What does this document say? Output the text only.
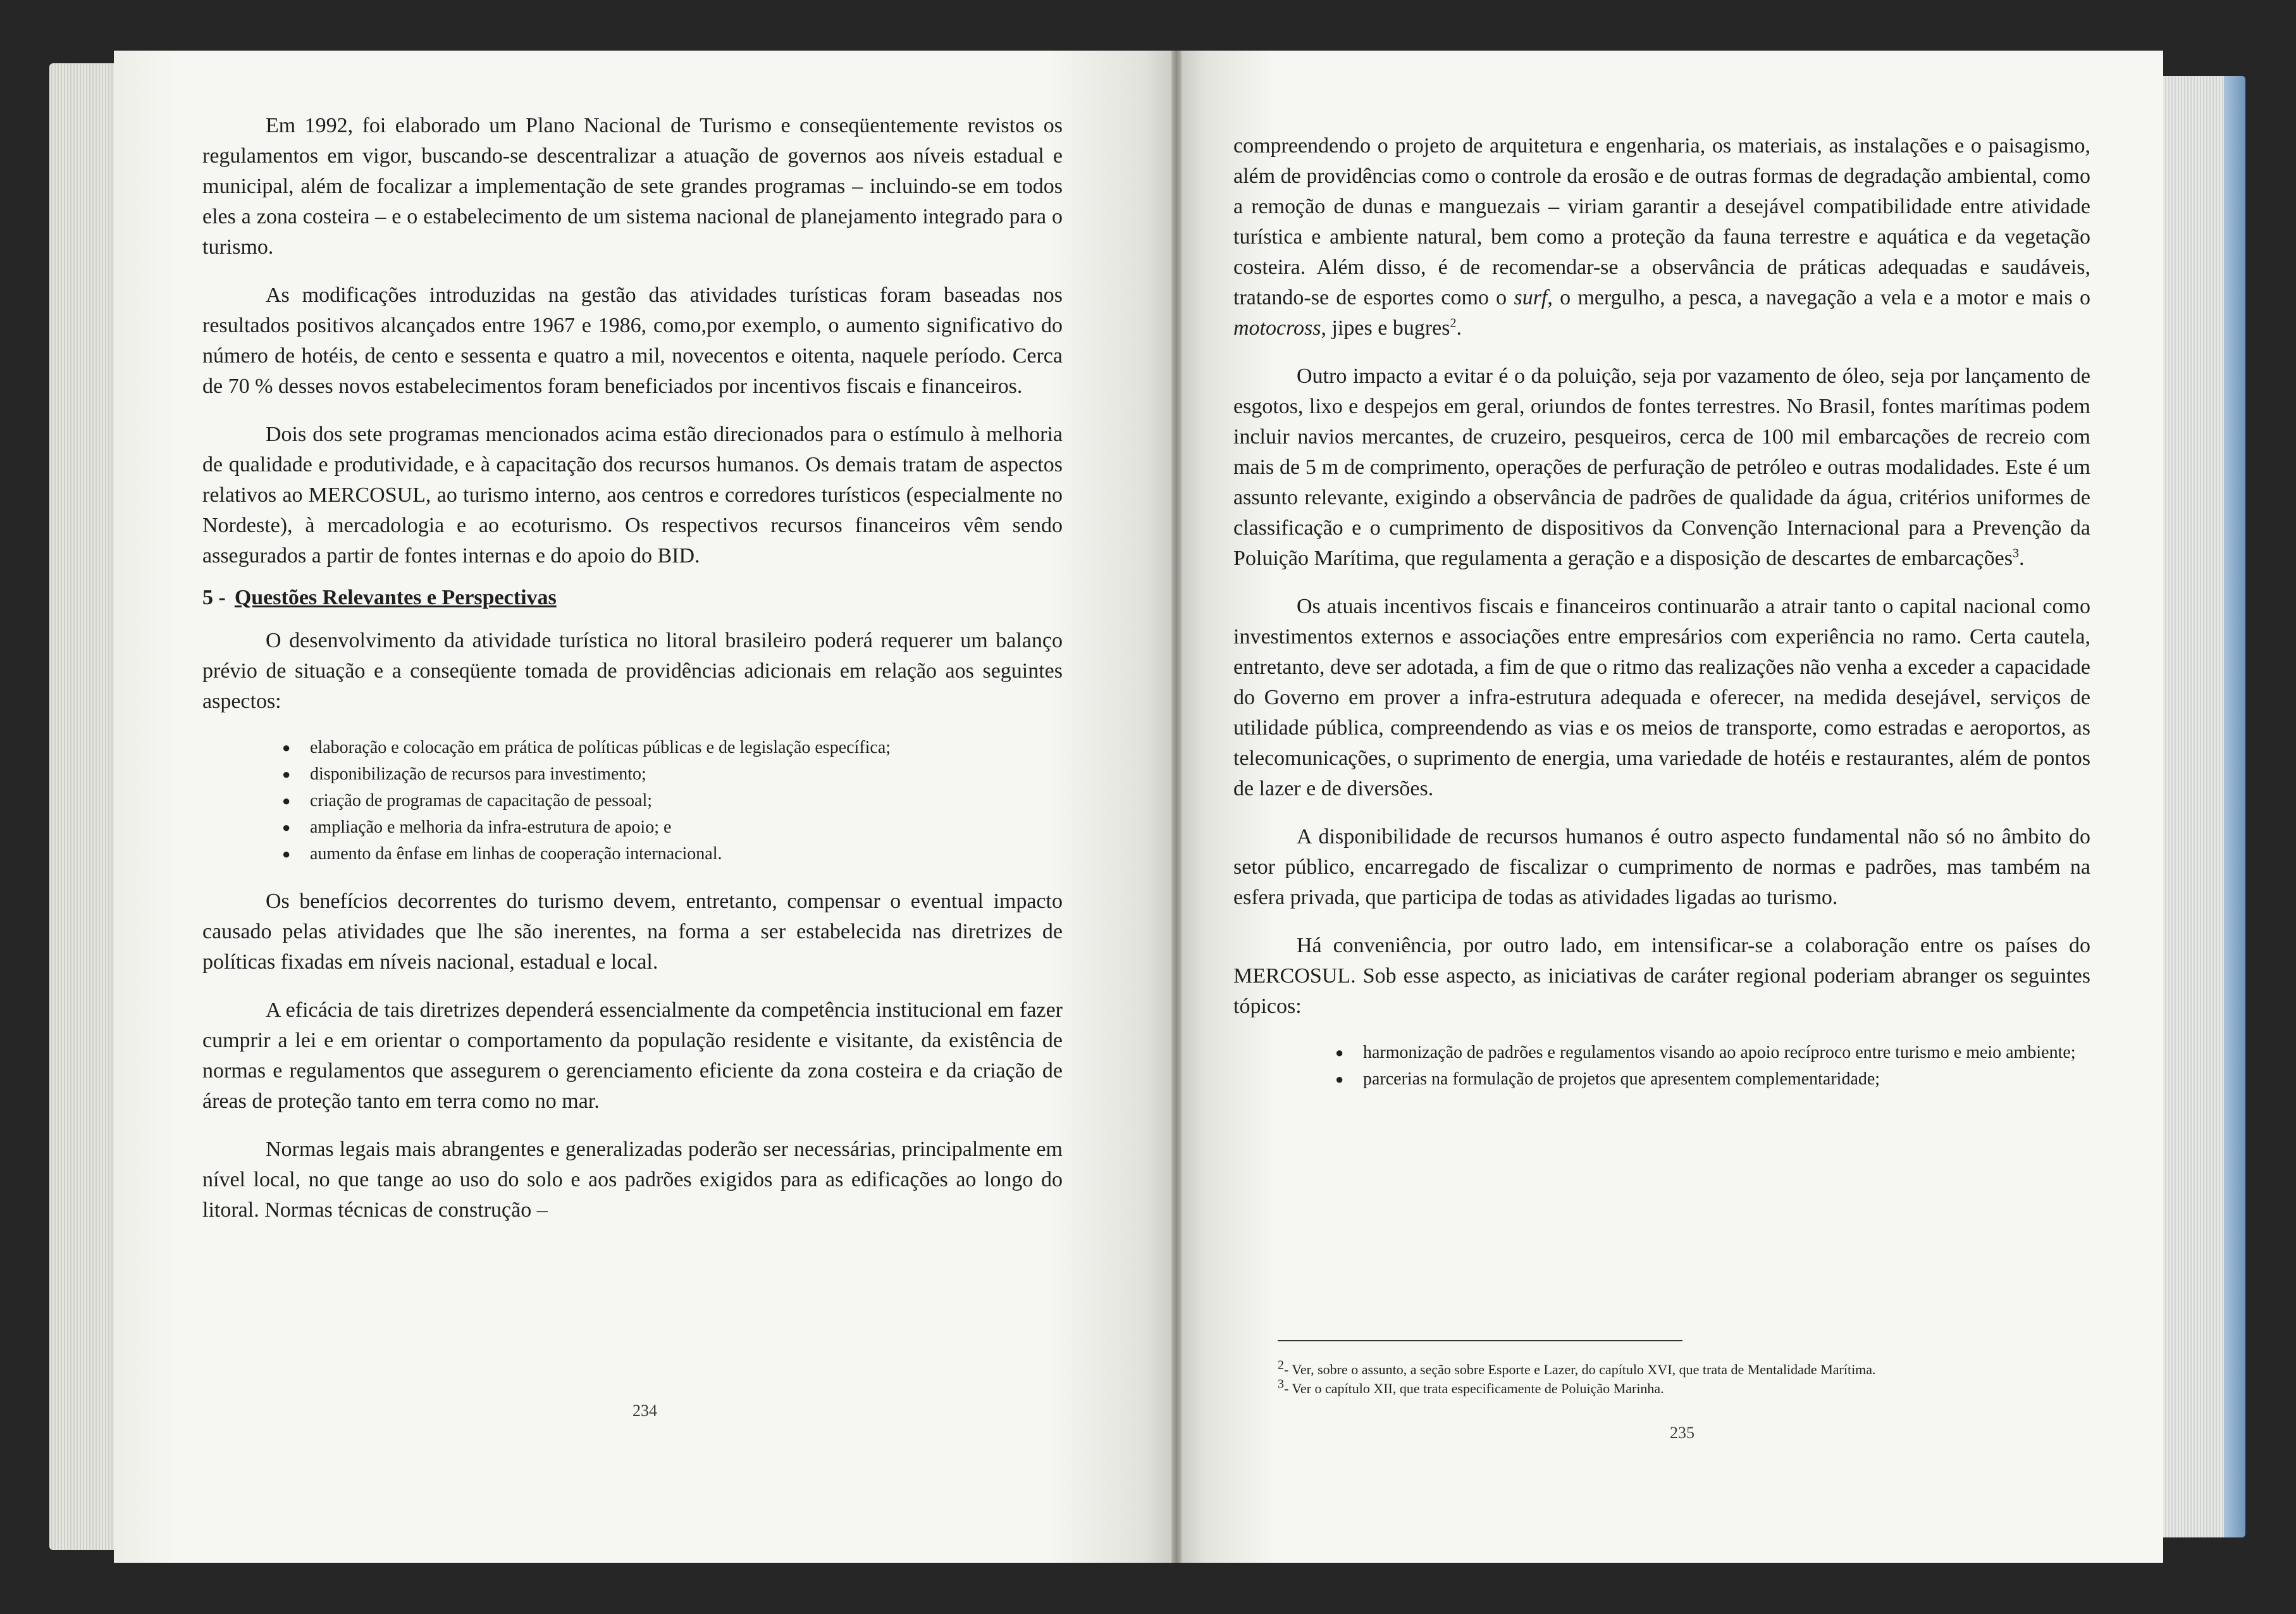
Em 1992, foi elaborado um Plano Nacional de Turismo e conseqüentemente revistos os regulamentos em vigor, buscando-se descentralizar a atuação de governos aos níveis estadual e municipal, além de focalizar a implementação de sete grandes programas – incluindo-se em todos eles a zona costeira – e o estabelecimento de um sistema nacional de planejamento integrado para o turismo.

As modificações introduzidas na gestão das atividades turísticas foram baseadas nos resultados positivos alcançados entre 1967 e 1986, como,por exemplo, o aumento significativo do número de hotéis, de cento e sessenta e quatro a mil, novecentos e oitenta, naquele período. Cerca de 70 % desses novos estabelecimentos foram beneficiados por incentivos fiscais e financeiros.

Dois dos sete programas mencionados acima estão direcionados para o estímulo à melhoria de qualidade e produtividade, e à capacitação dos recursos humanos. Os demais tratam de aspectos relativos ao MERCOSUL, ao turismo interno, aos centros e corredores turísticos (especialmente no Nordeste), à mercadologia e ao ecoturismo. Os respectivos recursos financeiros vêm sendo assegurados a partir de fontes internas e do apoio do BID.

5 - Questões Relevantes e Perspectivas

O desenvolvimento da atividade turística no litoral brasileiro poderá requerer um balanço prévio de situação e a conseqüente tomada de providências adicionais em relação aos seguintes aspectos:

● elaboração e colocação em prática de políticas públicas e de legislação específica;
● disponibilização de recursos para investimento;
● criação de programas de capacitação de pessoal;
● ampliação e melhoria da infra-estrutura de apoio; e
● aumento da ênfase em linhas de cooperação internacional.

Os benefícios decorrentes do turismo devem, entretanto, compensar o eventual impacto causado pelas atividades que lhe são inerentes, na forma a ser estabelecida nas diretrizes de políticas fixadas em níveis nacional, estadual e local.

A eficácia de tais diretrizes dependerá essencialmente da competência institucional em fazer cumprir a lei e em orientar o comportamento da população residente e visitante, da existência de normas e regulamentos que assegurem o gerenciamento eficiente da zona costeira e da criação de áreas de proteção tanto em terra como no mar.

Normas legais mais abrangentes e generalizadas poderão ser necessárias, principalmente em nível local, no que tange ao uso do solo e aos padrões exigidos para as edificações ao longo do litoral. Normas técnicas de construção –

234

compreendendo o projeto de arquitetura e engenharia, os materiais, as instalações e o paisagismo, além de providências como o controle da erosão e de outras formas de degradação ambiental, como a remoção de dunas e manguezais – viriam garantir a desejável compatibilidade entre atividade turística e ambiente natural, bem como a proteção da fauna terrestre e aquática e da vegetação costeira. Além disso, é de recomendar-se a observância de práticas adequadas e saudáveis, tratando-se de esportes como o surf, o mergulho, a pesca, a navegação a vela e a motor e mais o motocross, jipes e bugres$^2$.

Outro impacto a evitar é o da poluição, seja por vazamento de óleo, seja por lançamento de esgotos, lixo e despejos em geral, oriundos de fontes terrestres. No Brasil, fontes marítimas podem incluir navios mercantes, de cruzeiro, pesqueiros, cerca de 100 mil embarcações de recreio com mais de 5 m de comprimento, operações de perfuração de petróleo e outras modalidades. Este é um assunto relevante, exigindo a observância de padrões de qualidade da água, critérios uniformes de classificação e o cumprimento de dispositivos da Convenção Internacional para a Prevenção da Poluição Marítima, que regulamenta a geração e a disposição de descartes de embarcações$^3$.

Os atuais incentivos fiscais e financeiros continuarão a atrair tanto o capital nacional como investimentos externos e associações entre empresários com experiência no ramo. Certa cautela, entretanto, deve ser adotada, a fim de que o ritmo das realizações não venha a exceder a capacidade do Governo em prover a infra-estrutura adequada e oferecer, na medida desejável, serviços de utilidade pública, compreendendo as vias e os meios de transporte, como estradas e aeroportos, as telecomunicações, o suprimento de energia, uma variedade de hotéis e restaurantes, além de pontos de lazer e de diversões.

A disponibilidade de recursos humanos é outro aspecto fundamental não só no âmbito do setor público, encarregado de fiscalizar o cumprimento de normas e padrões, mas também na esfera privada, que participa de todas as atividades ligadas ao turismo.

Há conveniência, por outro lado, em intensificar-se a colaboração entre os países do MERCOSUL. Sob esse aspecto, as iniciativas de caráter regional poderiam abranger os seguintes tópicos:

● harmonização de padrões e regulamentos visando ao apoio recíproco entre turismo e meio ambiente;
● parcerias na formulação de projetos que apresentem complementaridade;
$^2$- Ver, sobre o assunto, a seção sobre Esporte e Lazer, do capítulo XVI, que trata de Mentalidade Marítima.
$^3$- Ver o capítulo XII, que trata especificamente de Poluição Marinha.
235
